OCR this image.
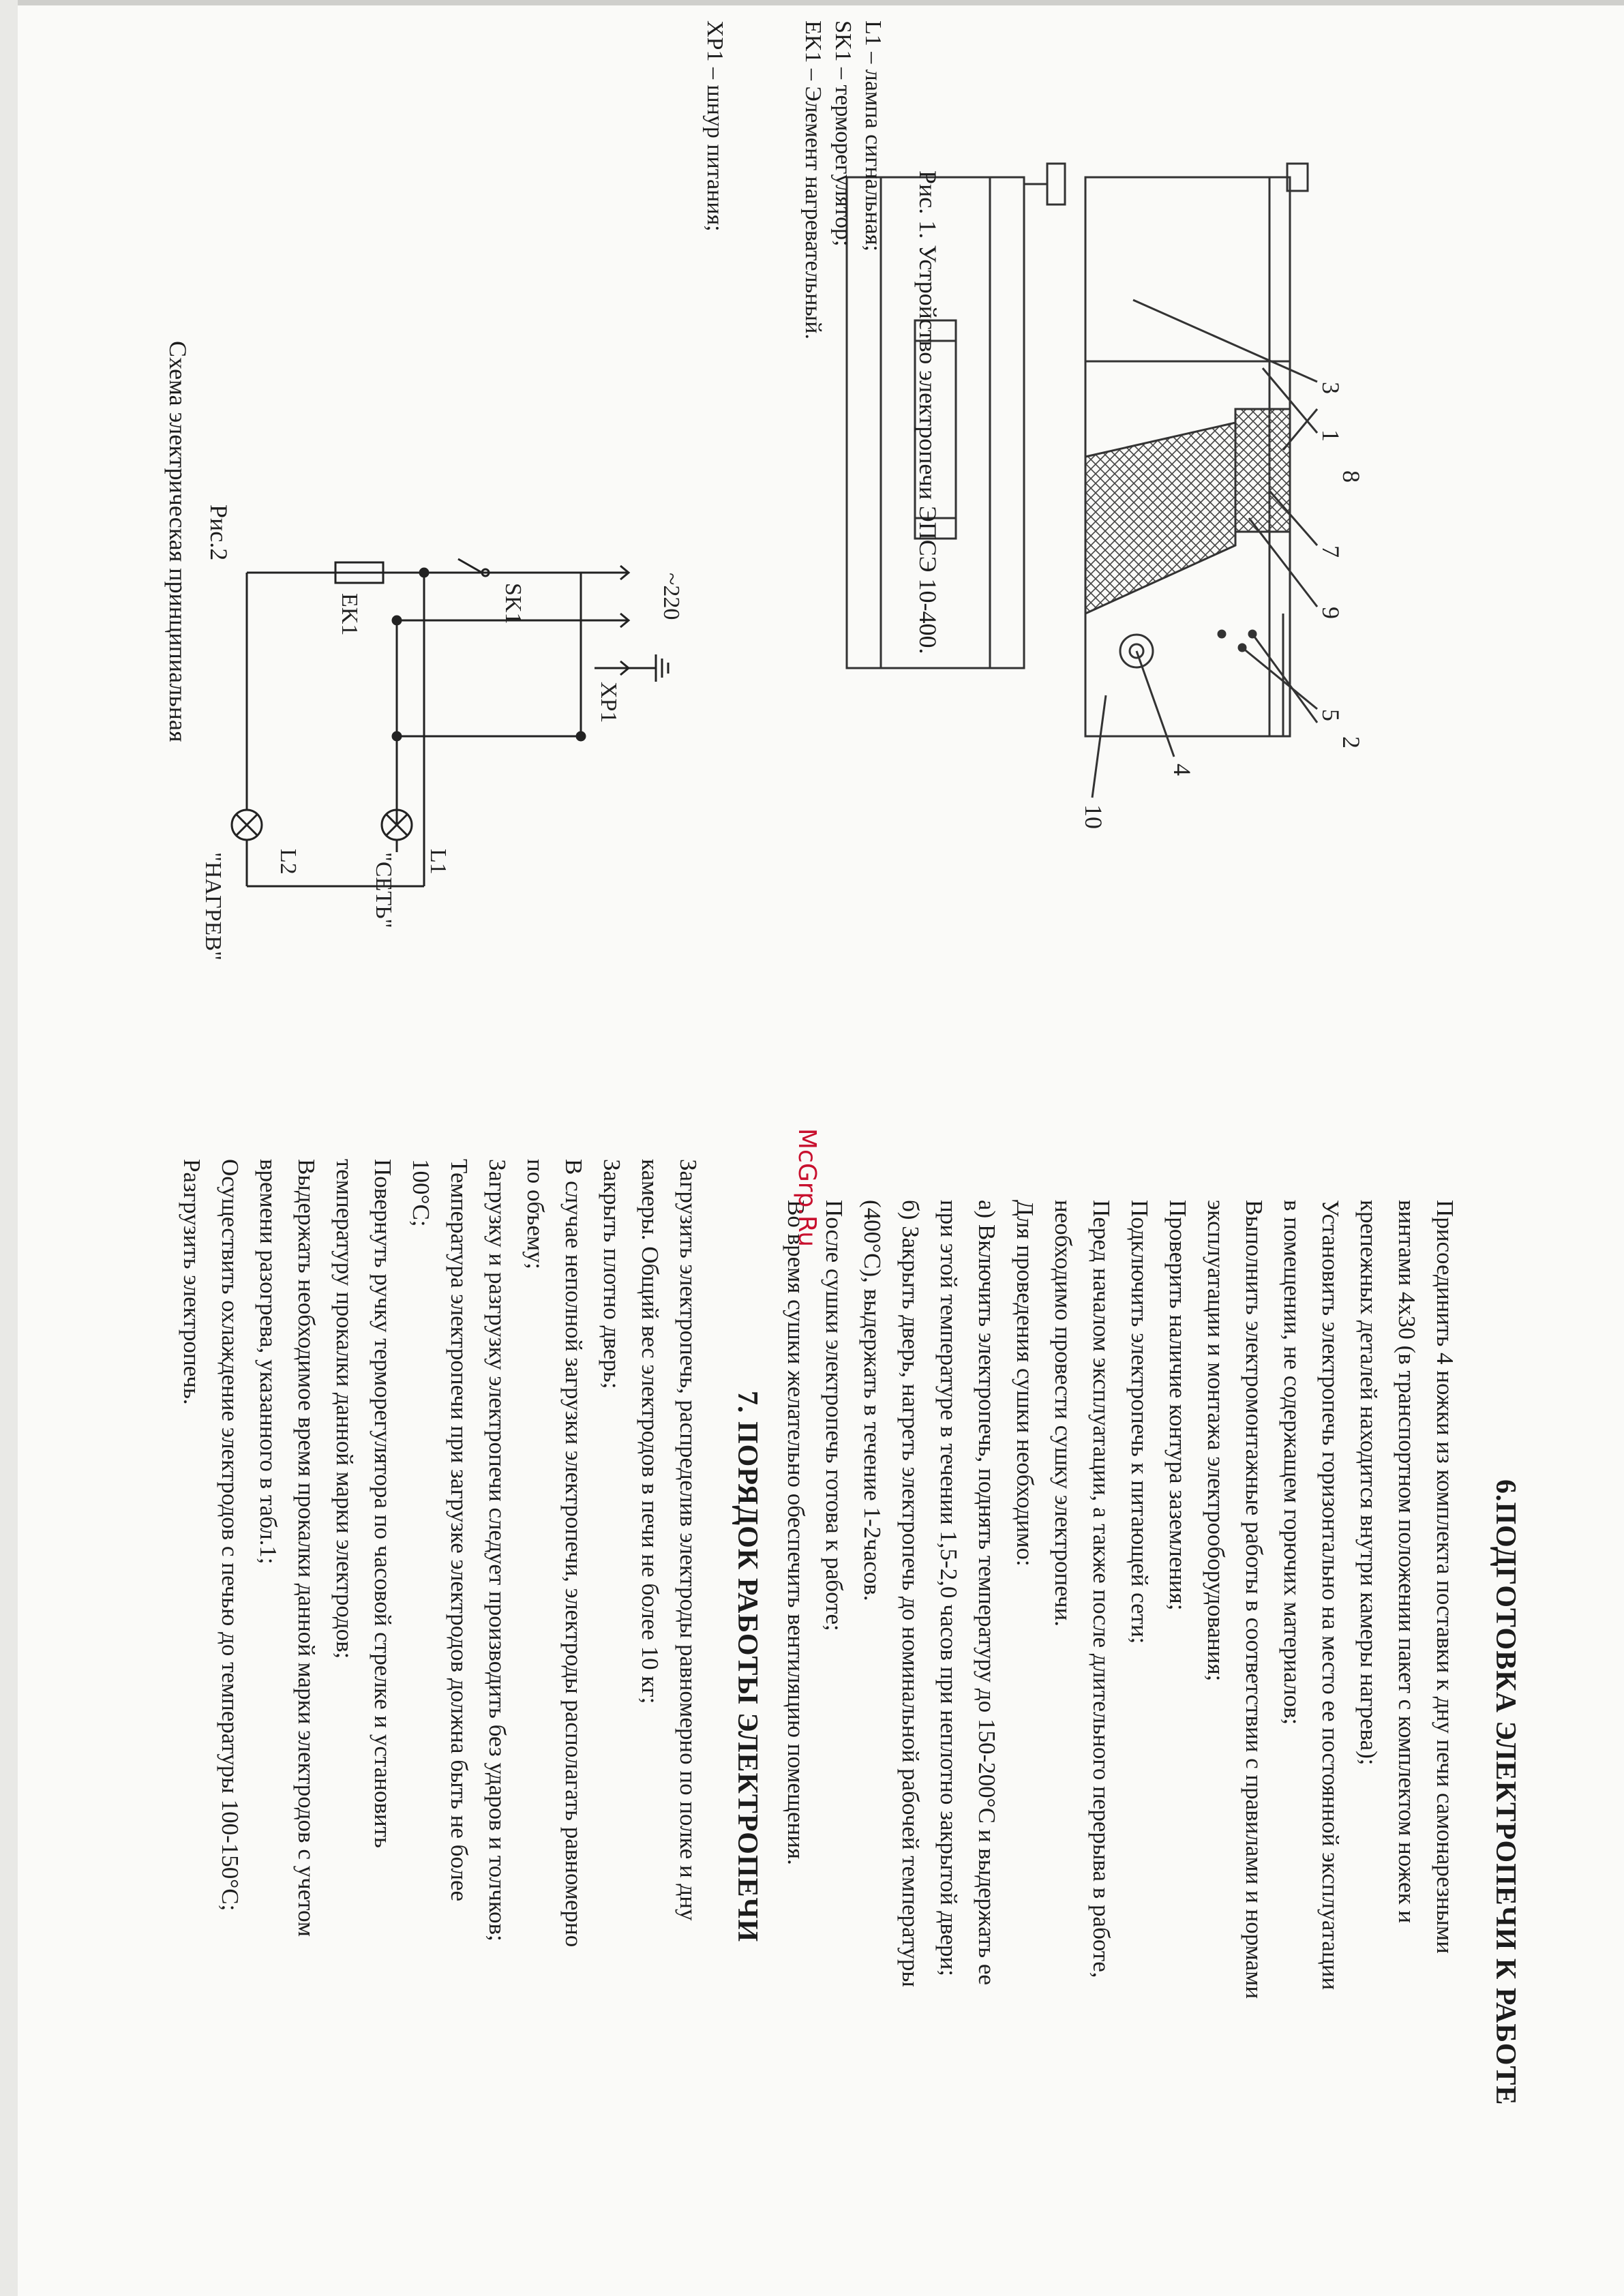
6.ПОДГОТОВКА ЭЛЕКТРОПЕЧИ К РАБОТЕ
Присоединить 4 ножки из комплекта поставки к дну печи самонарезными
винтами 4х30 (в транспортном положении пакет с комплектом ножек и
крепежных деталей находится внутри камеры нагрева);
Установить электропечь горизонтально на место ее постоянной эксплуатации
в помещении, не содержащем горючих материалов;
Выполнить электромонтажные работы в соответствии с правилами и нормами
эксплуатации и монтажа электрооборудования;
Проверить наличие контура заземления;
Подключить электропечь к питающей сети;
Перед началом эксплуатации, а также после длительного перерыва в работе,
необходимо провести сушку электропечи.
Для проведения сушки необходимо:
а) Включить электропечь, поднять температуру до 150-200°С и выдержать ее
при этой температуре в течении 1,5-2,0 часов при неплотно закрытой двери;
б) Закрыть дверь, нагреть электропечь до номинальной рабочей температуры
(400°С), выдержать в течение 1-2часов.
После сушки электропечь готова к работе;
Во время сушки желательно обеспечить вентиляцию помещения.
7. ПОРЯДОК РАБОТЫ ЭЛЕКТРОПЕЧИ
Загрузить электропечь, распределив электроды равномерно по полке и дну
камеры. Общий вес электродов в печи не более 10 кг;
Закрыть плотно дверь;
В случае неполной загрузки электропечи, электроды располагать равномерно
по объему;
Загрузку и разгрузку электропечи следует производить без ударов и толчков;
Температура электропечи при загрузке электродов должна быть не более
100°С;
Повернуть ручку терморегулятора по часовой стрелке и установить
температуру прокалки данной марки электродов;
Выдержать необходимое время прокалки данной марки электродов с учетом
времени разогрева, указанного в табл.1;
Осуществить охлаждение электродов с печью до температуры 100-150°С;
Разгрузить электропечь.	McGrp.Ru
3
1
8
7
9
5
2
4
10
Рис. 1. Устройство электропечи ЭПСЭ 10-400.
L1 – лампа сигнальная;
SK1 – терморегулятор;
EK1 – Элемент нагревательный.
XP1 – шнур питания;
~220
XP1
L1
"СЕТЬ"
L2
"НАГРЕВ"
SK1
EK1
Рис.2
Схема электрическая принципиальная
